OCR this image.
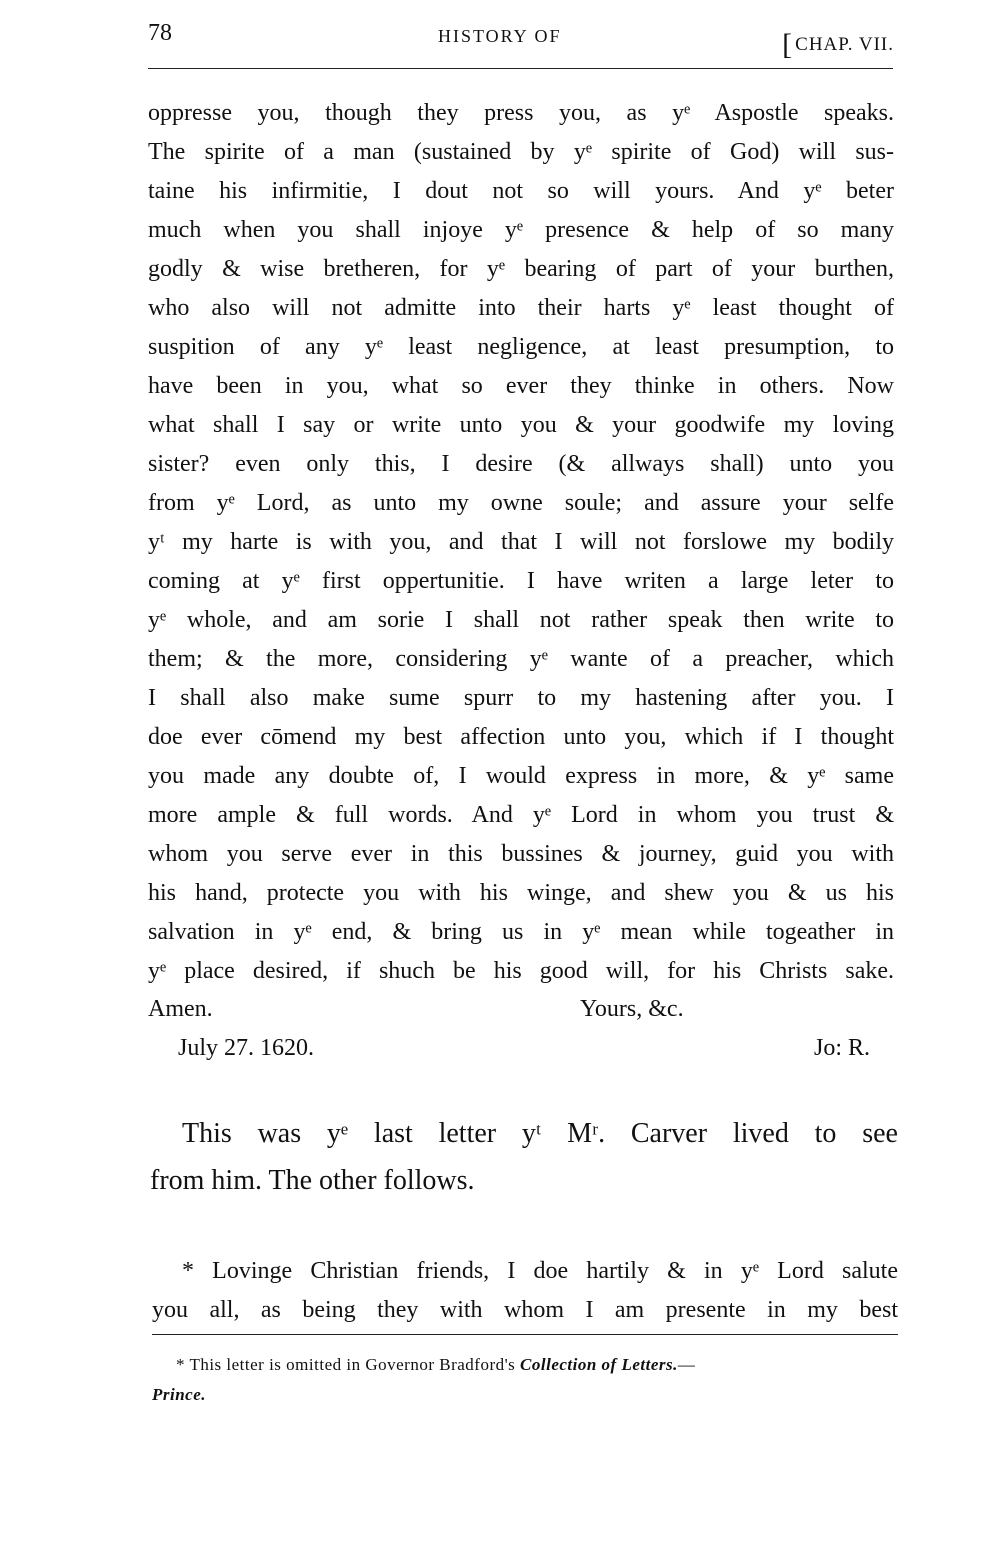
78	HISTORY OF
[	CHAP. VII.
oppresse you, though they press you, as yᵉ Aspostle speaks.
The spirite of a man (sustained by yᵉ spirite of God) will sus-
taine his infirmitie, I dout not so will yours. And yᵉ beter
much when you shall injoye yᵉ presence & help of so many
godly & wise bretheren, for yᵉ bearing of part of your burthen,
who also will not admitte into their harts yᵉ least thought of
suspition of any yᵉ least negligence, at least presumption, to
have been in you, what so ever they thinke in others. Now
what shall I say or write unto you & your goodwife my loving
sister? even only this, I desire (& allways shall) unto you
from yᵉ Lord, as unto my owne soule; and assure your selfe
yᵗ my harte is with you, and that I will not forslowe my bodily
coming at yᵉ first oppertunitie. I have writen a large leter to
yᵉ whole, and am sorie I shall not rather speak then write to
them; & the more, considering yᵉ wante of a preacher, which
I shall also make sume spurr to my hastening after you. I
doe ever cōmend my best affection unto you, which if I thought
you made any doubte of, I would express in more, & yᵉ same
more ample & full words. And yᵉ Lord in whom you trust &
whom you serve ever in this bussines & journey, guid you with
his hand, protecte you with his winge, and shew you & us his
salvation in yᵉ end, & bring us in yᵉ mean while togeather in
yᵉ place desired, if shuch be his good will, for his Christs sake.
Amen.	Yours, &c.
July 27. 1620.	Jo: R.
This was yᵉ last letter yᵗ Mʳ. Carver lived to see
from him. The other follows.
* Lovinge Christian friends, I doe hartily & in yᵉ Lord salute
you all, as being they with whom I am presente in my best
* This letter is omitted in Governor Bradford's Collection of Letters.—
Prince.
